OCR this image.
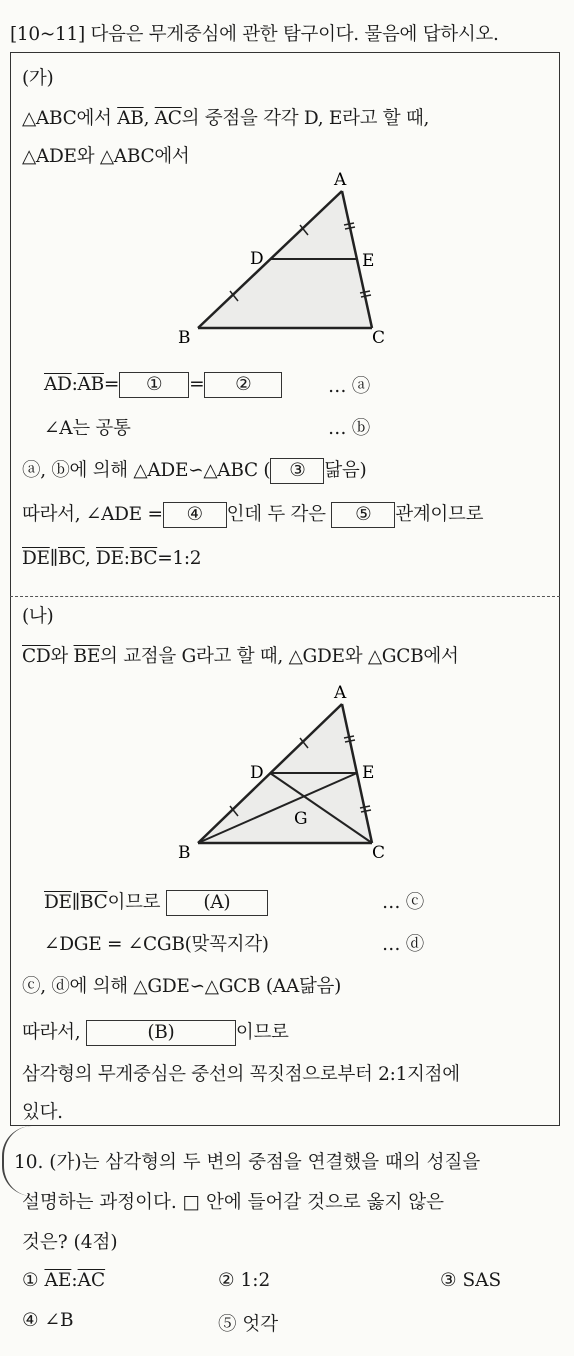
[10~11] 다음은 무게중심에 관한 탐구이다. 물음에 답하시오.
(가)
△ABC에서 $\overline{AB}$, $\overline{AC}$의 중점을 각각 D, E라고 할 때,
△ADE와 △ABC에서
A
D	E
B	C
$\overline{AD}:\overline{AB}=$ ① = ②	… ⓐ
∠A는 공통	… ⓑ
ⓐ, ⓑ에 의해 △ADE∽△ABC ( ③ 닮음)
따라서, ∠ADE = ④ 인데 두 각은 ⑤ 관계이므로
$\overline{DE}\parallel\overline{BC}$, $\overline{DE}:\overline{BC}=1:2$
(나)
$\overline{CD}$와 $\overline{BE}$의 교점을 G라고 할 때, △GDE와 △GCB에서
A
D	E
G
B	C
$\overline{DE}\parallel\overline{BC}$이므로 (A)	… ⓒ
∠DGE = ∠CGB(맞꼭지각)	… ⓓ
ⓒ, ⓓ에 의해 △GDE∽△GCB (AA닮음)
따라서,	(B)	이므로
삼각형의 무게중심은 중선의 꼭짓점으로부터 2:1지점에
있다.
10. (가)는 삼각형의 두 변의 중점을 연결했을 때의 성질을
설명하는 과정이다. □ 안에 들어갈 것으로 옳지 않은
것은? (4점)
① $\overline{AE}:\overline{AC}$	② 1:2	③ SAS
④ ∠B	⑤ 엇각
